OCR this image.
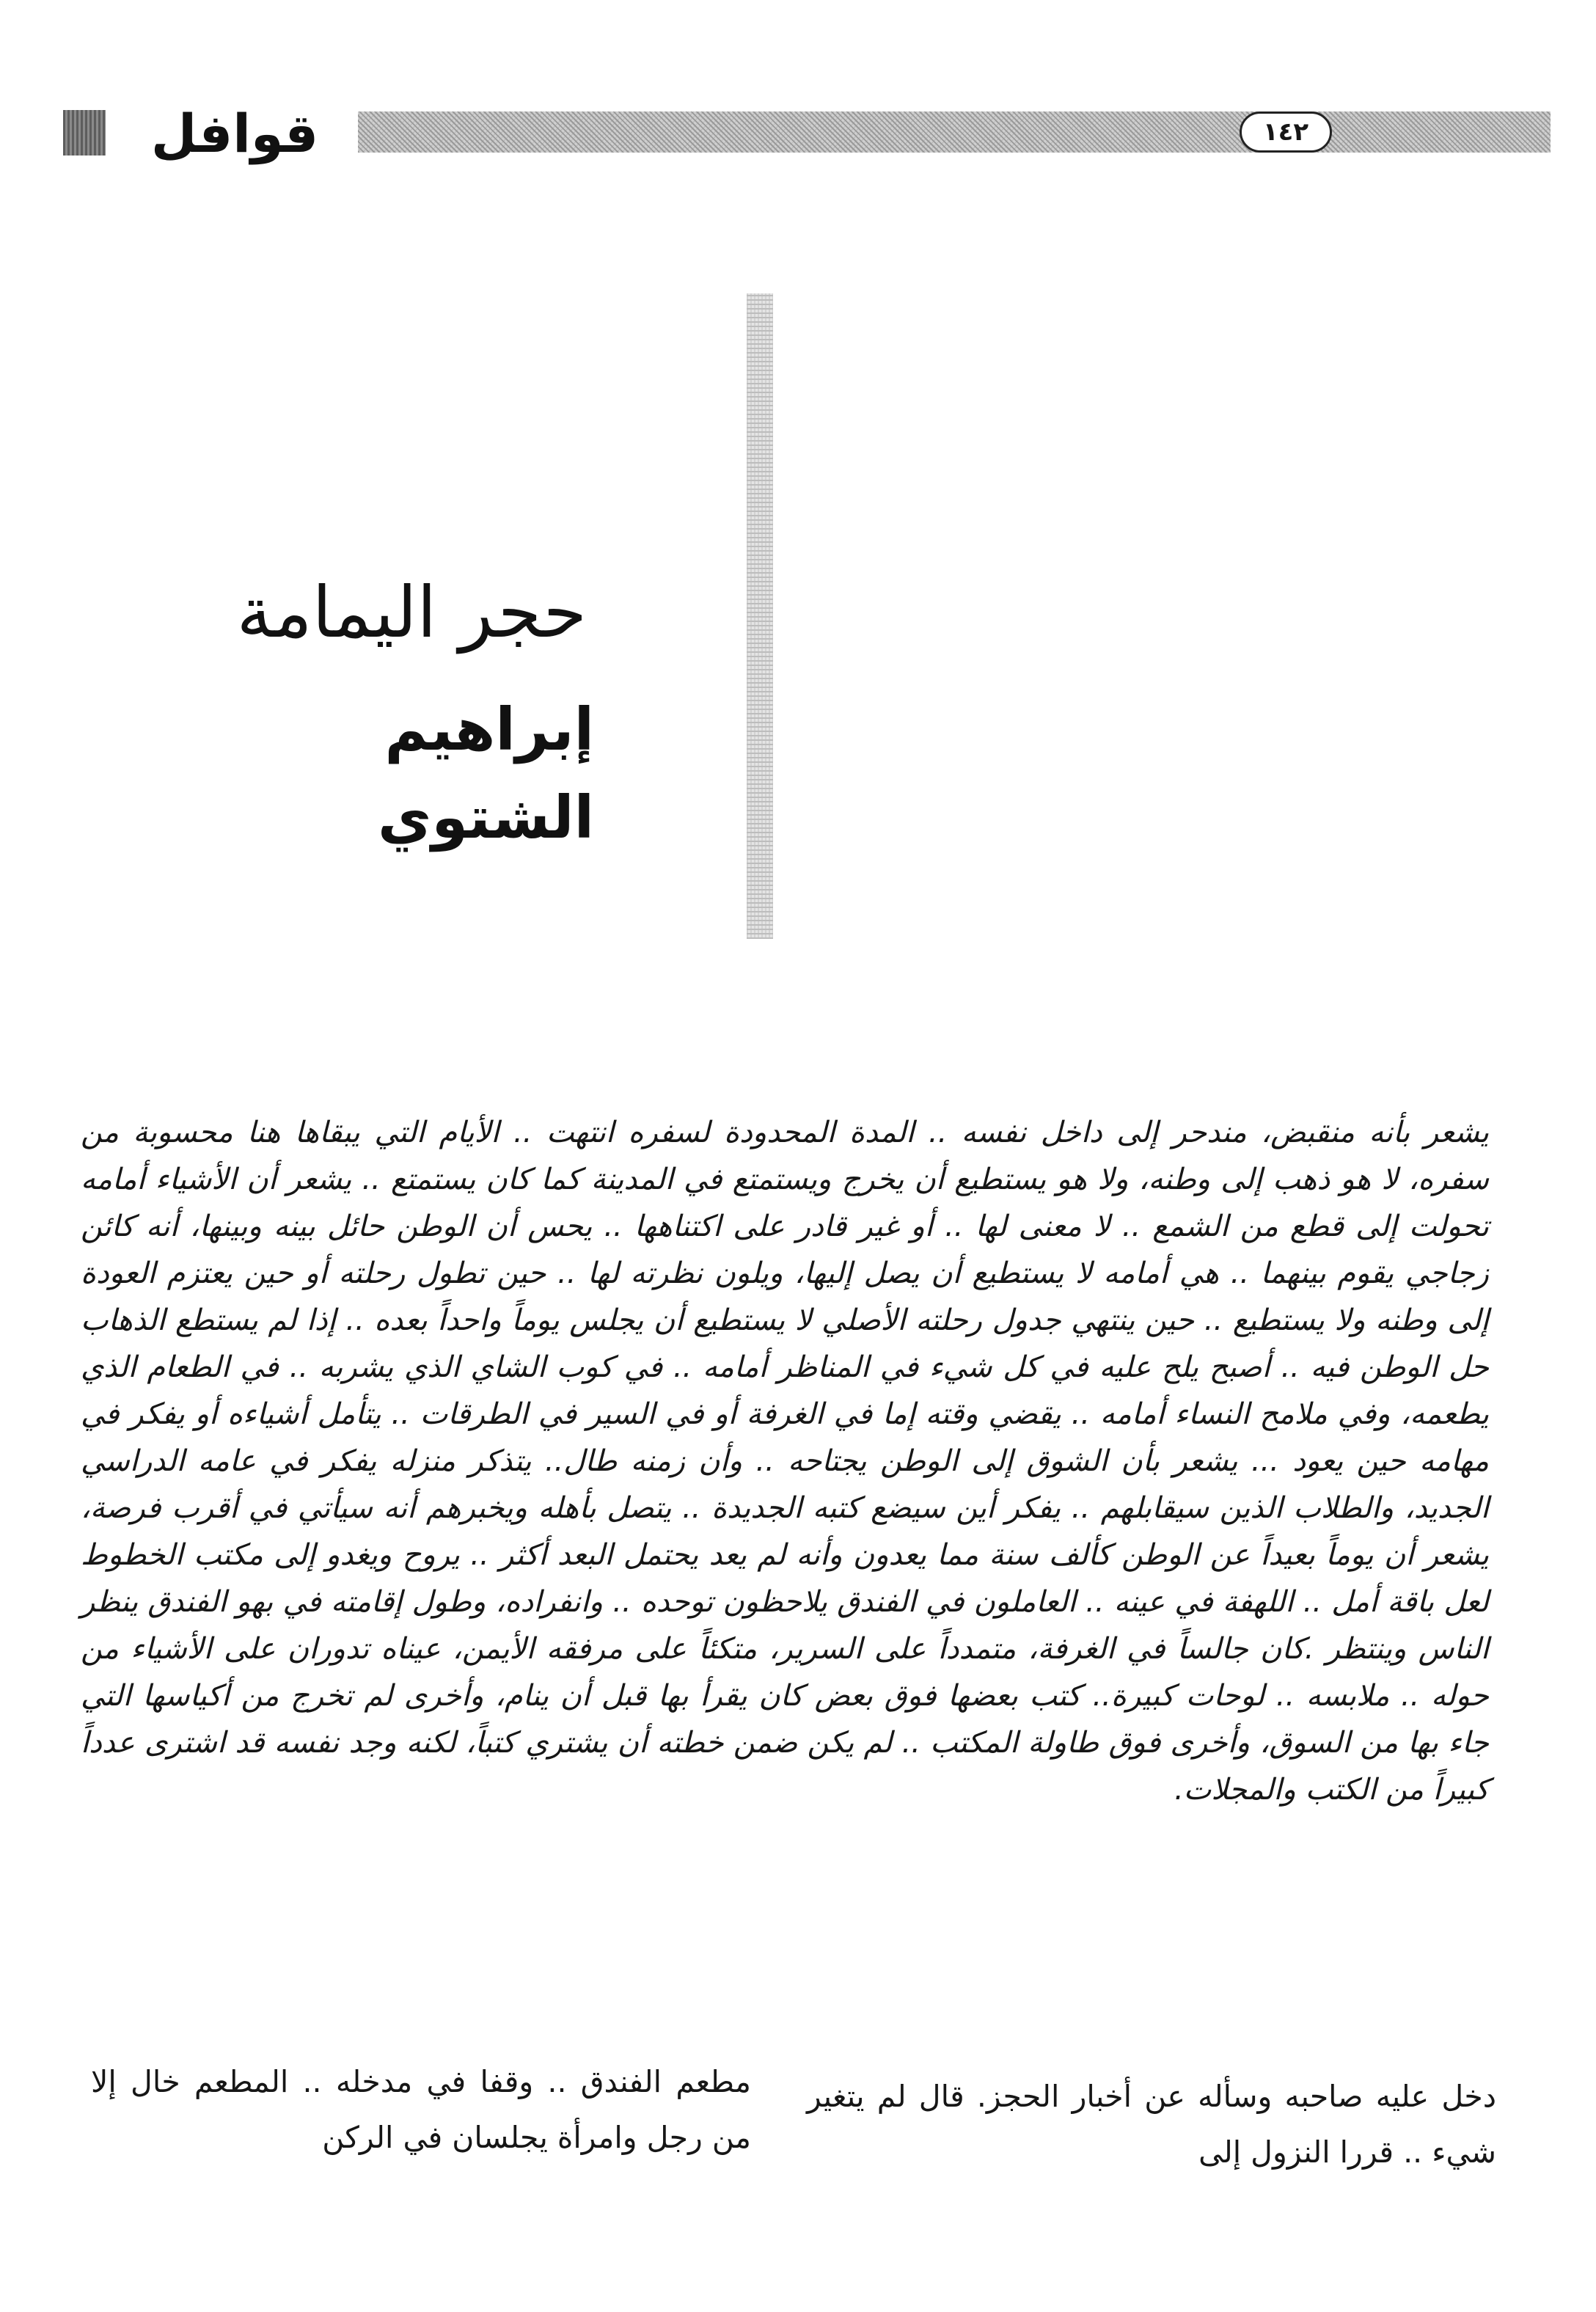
قوافل	١٤٢
حجر اليمامة
إبراهيم الشتوي
يشعر بأنه منقبض، مندحر إلى داخل نفسه .. المدة المحدودة لسفره انتهت .. الأيام التي يبقاها هنا محسوبة من سفره، لا هو ذهب إلى وطنه، ولا هو يستطيع أن يخرج ويستمتع في المدينة كما كان يستمتع .. يشعر أن الأشياء أمامه تحولت إلى قطع من الشمع .. لا معنى لها .. أو غير قادر على اكتناهها .. يحس أن الوطن حائل بينه وبينها، أنه كائن زجاجي يقوم بينهما .. هي أمامه لا يستطيع أن يصل إليها، ويلون نظرته لها .. حين تطول رحلته أو حين يعتزم العودة إلى وطنه ولا يستطيع .. حين ينتهي جدول رحلته الأصلي لا يستطيع أن يجلس يوماً واحداً بعده .. إذا لم يستطع الذهاب حل الوطن فيه .. أصبح يلح عليه في كل شيء في المناظر أمامه .. في كوب الشاي الذي يشربه .. في الطعام الذي يطعمه، وفي ملامح النساء أمامه .. يقضي وقته إما في الغرفة أو في السير في الطرقات .. يتأمل أشياءه أو يفكر في مهامه حين يعود ... يشعر بأن الشوق إلى الوطن يجتاحه .. وأن زمنه طال.. يتذكر منزله يفكر في عامه الدراسي الجديد، والطلاب الذين سيقابلهم .. يفكر أين سيضع كتبه الجديدة .. يتصل بأهله ويخبرهم أنه سيأتي في أقرب فرصة، يشعر أن يوماً بعيداً عن الوطن كألف سنة مما يعدون وأنه لم يعد يحتمل البعد أكثر .. يروح ويغدو إلى مكتب الخطوط لعل باقة أمل .. اللهفة في عينه .. العاملون في الفندق يلاحظون توحده .. وانفراده، وطول إقامته في بهو الفندق ينظر الناس وينتظر .كان جالساً في الغرفة، متمدداً على السرير، متكئاً على مرفقه الأيمن، عيناه تدوران على الأشياء من حوله .. ملابسه .. لوحات كبيرة.. كتب بعضها فوق بعض كان يقرأ بها قبل أن ينام، وأخرى لم تخرج من أكياسها التي جاء بها من السوق، وأخرى فوق طاولة المكتب .. لم يكن ضمن خطته أن يشتري كتباً، لكنه وجد نفسه قد اشترى عدداً كبيراً من الكتب والمجلات.
دخل عليه صاحبه وسأله عن أخبار الحجز. قال لم يتغير شيء .. قررا النزول إلى
مطعم الفندق .. وقفا في مدخله .. المطعم خال إلا من رجل وامرأة يجلسان في الركن
